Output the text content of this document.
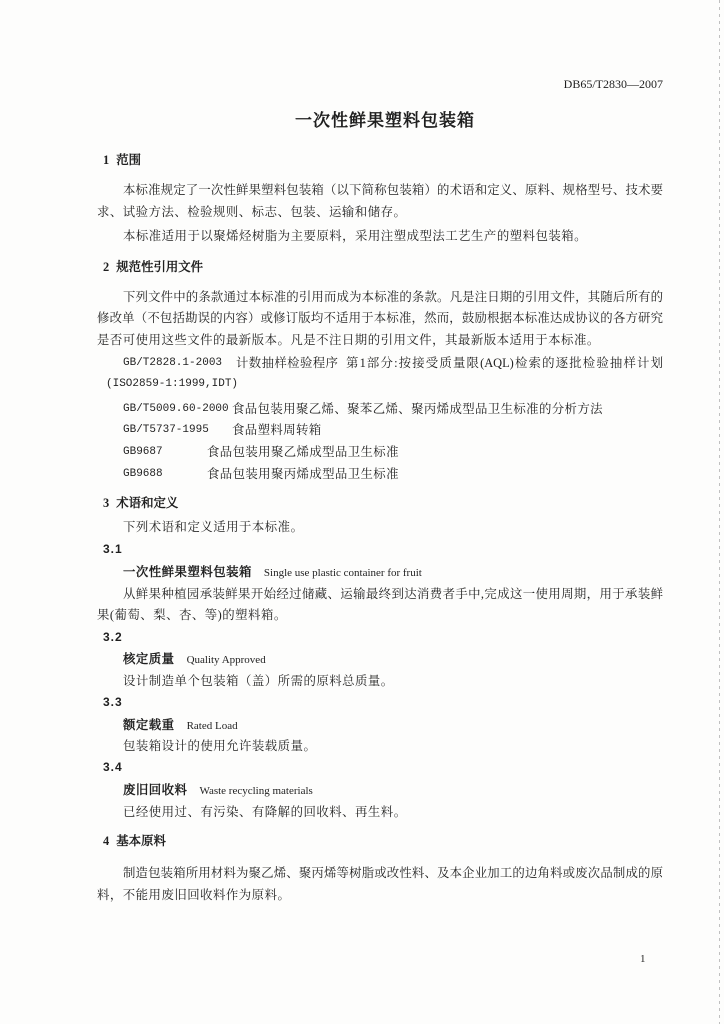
DB65/T2830—2007
一次性鲜果塑料包装箱
1 范围
本标准规定了一次性鲜果塑料包装箱（以下简称包装箱）的术语和定义、原料、规格型号、技术要
求、试验方法、检验规则、标志、包装、运输和储存。
本标准适用于以聚烯烃树脂为主要原料，采用注塑成型法工艺生产的塑料包装箱。
2 规范性引用文件
下列文件中的条款通过本标准的引用而成为本标准的条款。凡是注日期的引用文件，其随后所有的
修改单（不包括勘误的内容）或修订版均不适用于本标准，然而，鼓励根据本标准达成协议的各方研究
是否可使用这些文件的最新版本。凡是不注日期的引用文件，其最新版本适用于本标准。
GB/T2828.1-2003 计数抽样检验程序 第1部分:按接受质量限(AQL)检索的逐批检验抽样计划
(ISO2859-1:1999,IDT)
GB/T5009.60-2000 食品包装用聚乙烯、聚苯乙烯、聚丙烯成型品卫生标准的分析方法
GB/T5737-1995 食品塑料周转箱
GB9687	食品包装用聚乙烯成型品卫生标准
GB9688	食品包装用聚丙烯成型品卫生标准
3 术语和定义
下列术语和定义适用于本标准。
3.1
一次性鲜果塑料包装箱 Single use plastic container for fruit
从鲜果种植园承装鲜果开始经过储藏、运输最终到达消费者手中,完成这一使用周期，用于承装鲜
果(葡萄、梨、杏、等)的塑料箱。
3.2
核定质量 Quality Approved
设计制造单个包装箱（盖）所需的原料总质量。
3.3
额定载重 Rated Load
包装箱设计的使用允许装载质量。
3.4
废旧回收料 Waste recycling materials
已经使用过、有污染、有降解的回收料、再生料。
4 基本原料
制造包装箱所用材料为聚乙烯、聚丙烯等树脂或改性料、及本企业加工的边角料或废次品制成的原
料，不能用废旧回收料作为原料。
1
